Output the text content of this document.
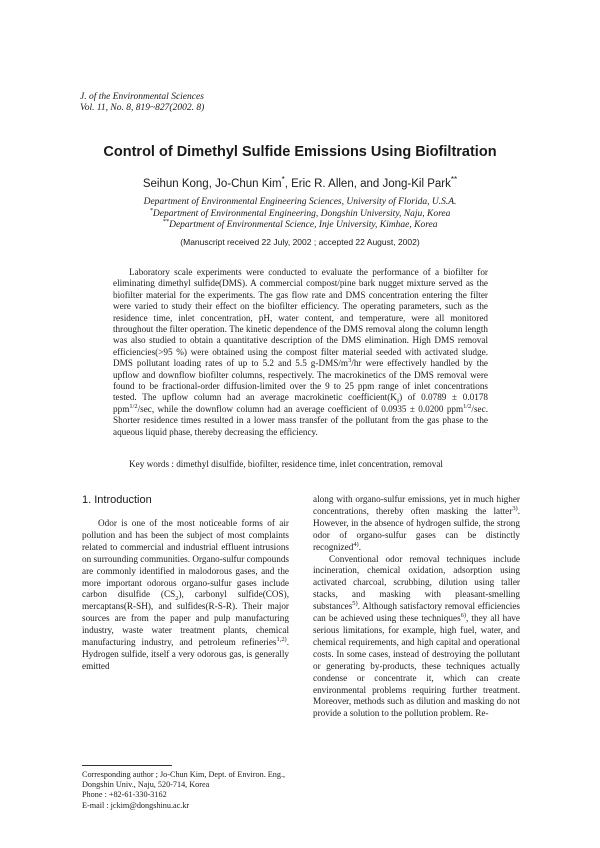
J. of the Environmental Sciences
Vol. 11, No. 8, 819~827(2002. 8)
Control of Dimethyl Sulfide Emissions Using Biofiltration
Seihun Kong, Jo-Chun Kim*, Eric R. Allen, and Jong-Kil Park**
Department of Environmental Engineering Sciences, University of Florida, U.S.A.
*Department of Environmental Engineering, Dongshin University, Naju, Korea
**Department of Environmental Science, Inje University, Kimhae, Korea
(Manuscript received 22 July, 2002 ; accepted 22 August, 2002)
Laboratory scale experiments were conducted to evaluate the performance of a biofilter for eliminating dimethyl sulfide(DMS). A commercial compost/pine bark nugget mixture served as the biofilter material for the experiments. The gas flow rate and DMS concentration entering the filter were varied to study their effect on the biofilter efficiency. The operating parameters, such as the residence time, inlet concentration, pH, water content, and temperature, were all monitored throughout the filter operation. The kinetic dependence of the DMS removal along the column length was also studied to obtain a quantitative description of the DMS elimination. High DMS removal efficiencies(>95 %) were obtained using the compost filter material seeded with activated sludge. DMS pollutant loading rates of up to 5.2 and 5.5 $g-DMS/m^3/hr$ were effectively handled by the upflow and downflow biofilter columns, respectively. The macrokinetics of the DMS removal were found to be fractional-order diffusion-limited over the 9 to 25 ppm range of inlet concentrations tested. The upflow column had an average macrokinetic $coefficient(K_f)$ of 0.0789 ± 0.0178 ppm$^{1/2}$/sec, while the downflow column had an average coefficient of 0.0935 ± 0.0200 ppm$^{1/2}$/sec. Shorter residence times resulted in a lower mass transfer of the pollutant from the gas phase to the aqueous liquid phase, thereby decreasing the efficiency.
Key words : dimethyl disulfide, biofilter, residence time, inlet concentration, removal
1. Introduction

Odor is one of the most noticeable forms of air pollution and has been the subject of most complaints related to commercial and industrial effluent intrusions on surrounding communities. Organo-sulfur compounds are commonly identified in malodorous gases, and the more important odorous organo-sulfur gases include carbon disulfide $(CS_2)$, carbonyl sulfide(COS), mercaptans(R-SH), and sulfides(R-S-R). Their major sources are from the paper and pulp manufacturing industry, waste water treatment plants, chemical manufacturing industry, and petroleum refineries$^{1,2)}$. Hydrogen sulfide, itself a very odorous gas, is generally emitted

along with organo-sulfur emissions, yet in much higher concentrations, thereby often masking the latter$^{3)}$. However, in the absence of hydrogen sulfide, the strong odor of organo-sulfur gases can be distinctly recognized$^{4)}$.

Conventional odor removal techniques include incineration, chemical oxidation, adsorption using activated charcoal, scrubbing, dilution using taller stacks, and masking with pleasant-smelling substances$^{5)}$. Although satisfactory removal efficiencies can be achieved using these techniques$^{6)}$, they all have serious limitations, for example, high fuel, water, and chemical requirements, and high capital and operational costs. In some cases, instead of destroying the pollutant or generating by-products, these techniques actually condense or concentrate it, which can create environmental problems requiring further treatment. Moreover, methods such as dilution and masking do not provide a solution to the pollution problem. Re-

Corresponding author ; Jo-Chun Kim, Dept. of Environ. Eng., Dongshin Univ., Naju, 520-714, Korea
Phone : +82-61-330-3162
E-mail : jckim@dongshinu.ac.kr
